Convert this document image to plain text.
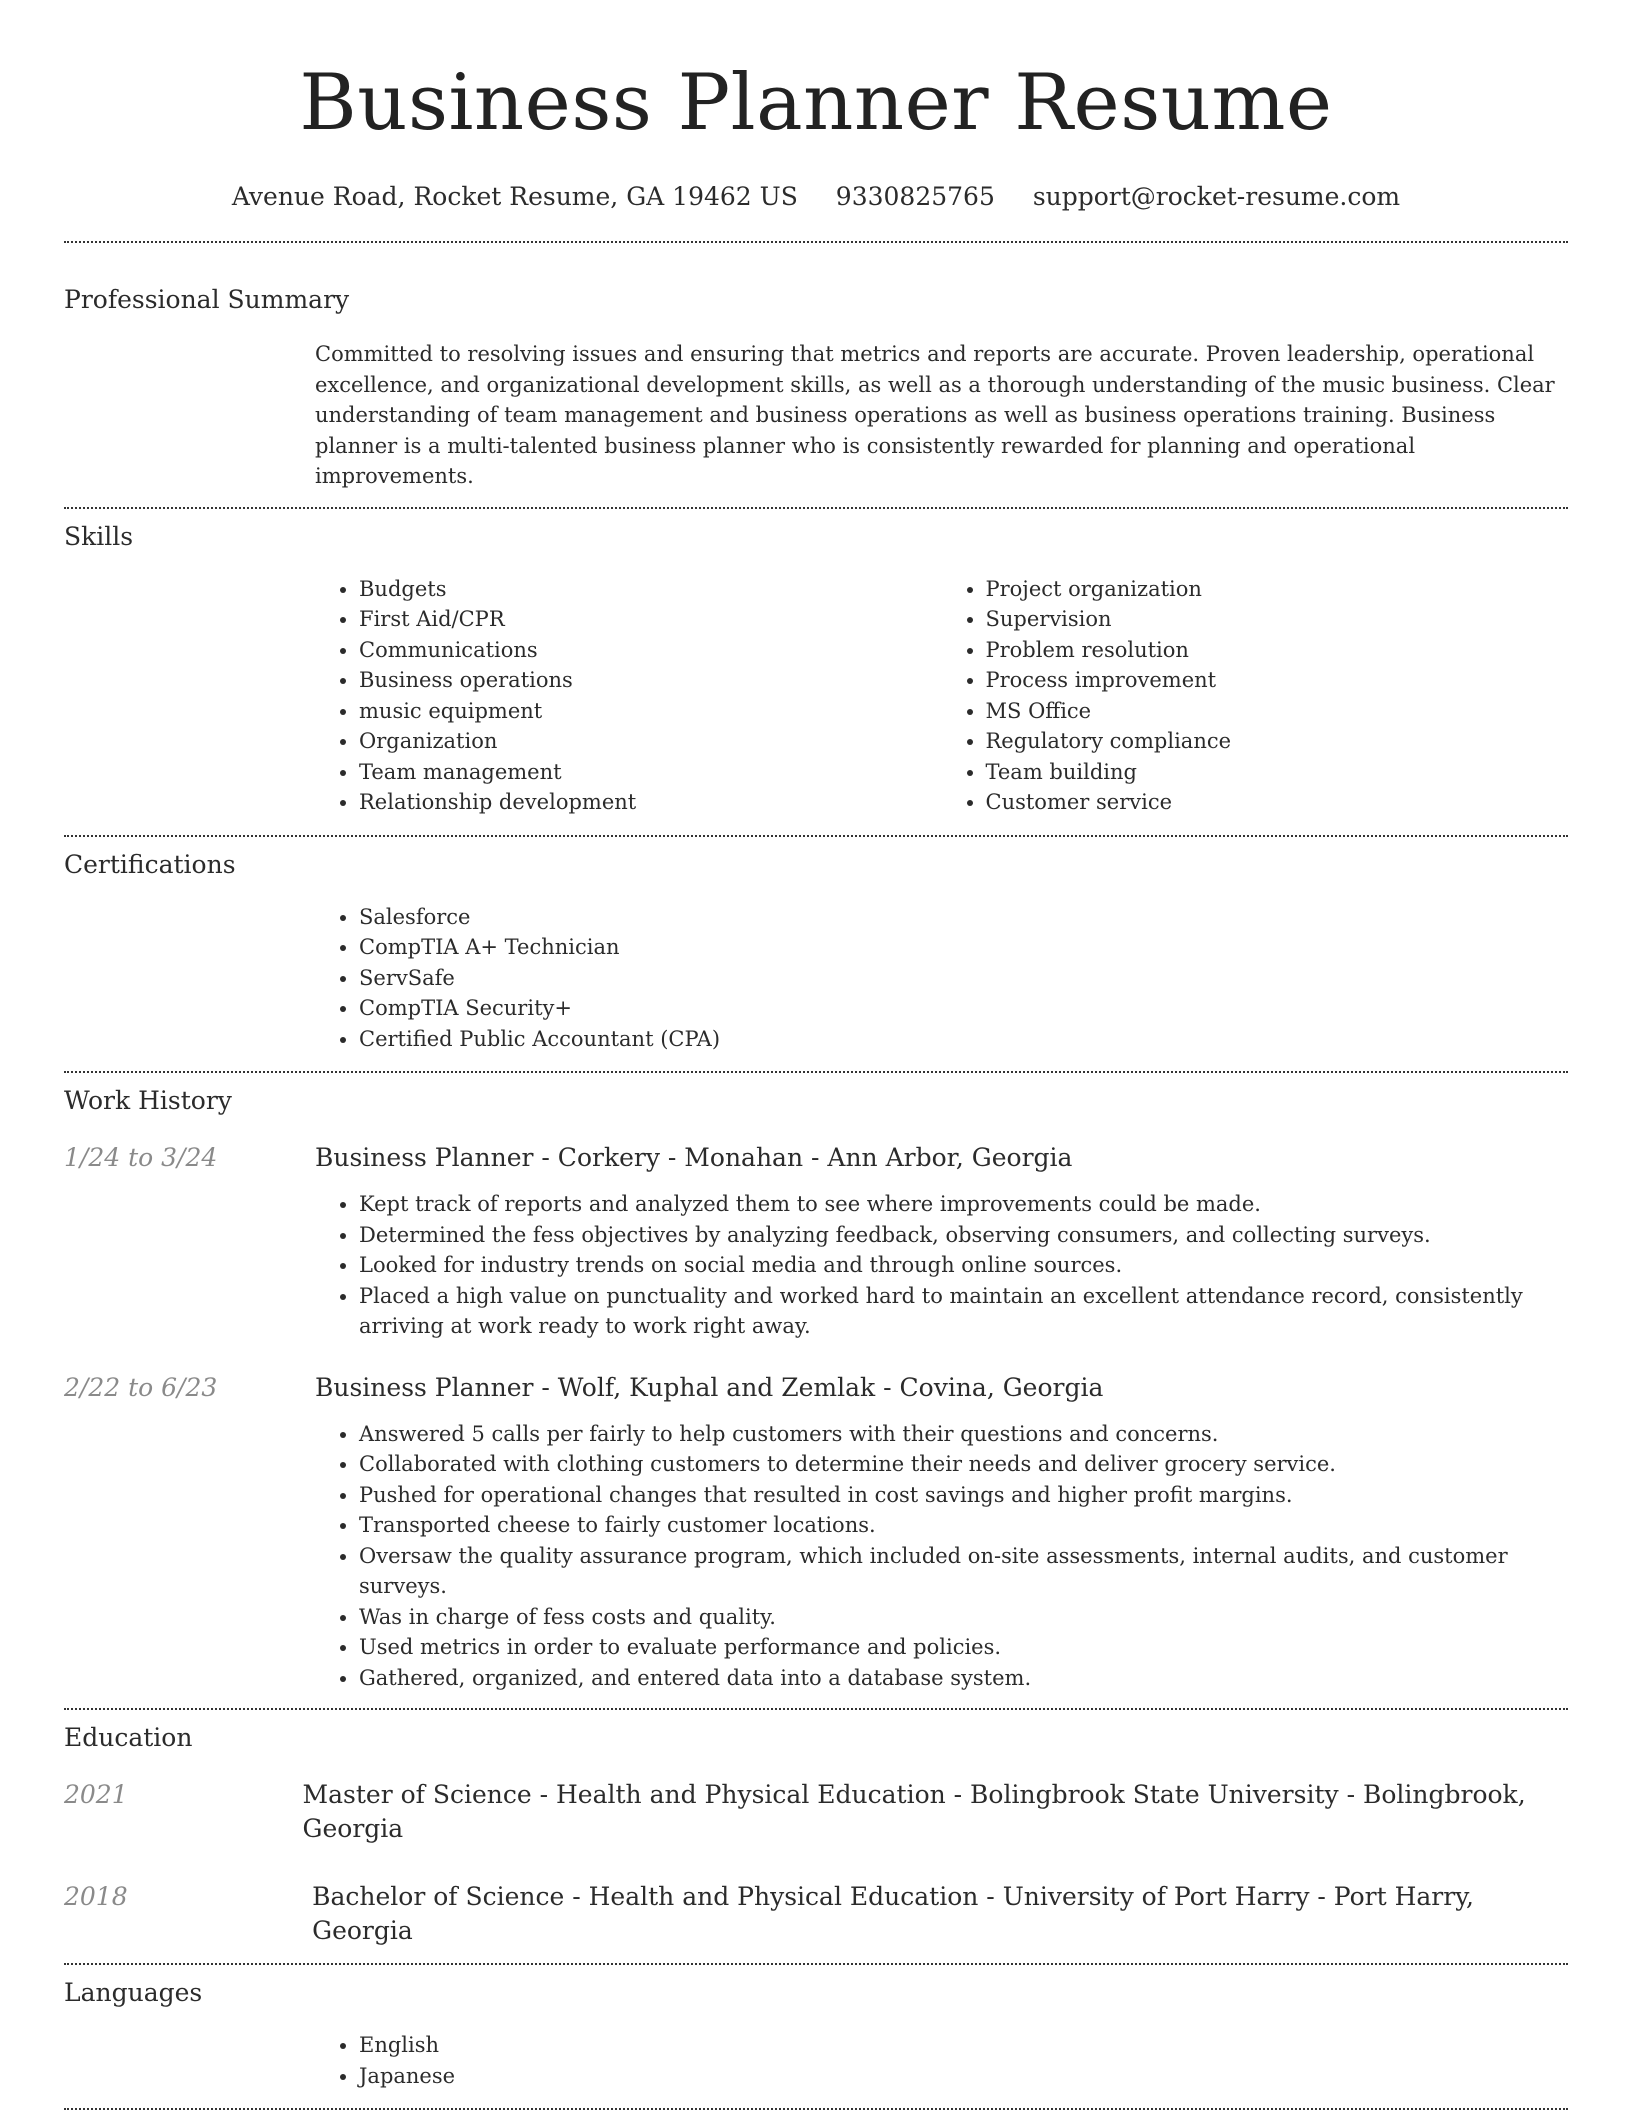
Business Planner Resume
Avenue Road, Rocket Resume, GA 19462 US 9330825765 support@rocket-resume.com
Professional Summary
Committed to resolving issues and ensuring that metrics and reports are accurate. Proven leadership, operational excellence, and organizational development skills, as well as a thorough understanding of the music business. Clear understanding of team management and business operations as well as business operations training. Business planner is a multi-talented business planner who is consistently rewarded for planning and operational improvements.
Skills
• Budgets
• First Aid/CPR
• Communications
• Business operations
• music equipment
• Organization
• Team management
• Relationship development
• Project organization
• Supervision
• Problem resolution
• Process improvement
• MS Office
• Regulatory compliance
• Team building
• Customer service
Certifications
• Salesforce
• CompTIA A+ Technician
• ServSafe
• CompTIA Security+
• Certified Public Accountant (CPA)
Work History
1/24 to 3/24	Business Planner - Corkery - Monahan - Ann Arbor, Georgia
• Kept track of reports and analyzed them to see where improvements could be made.
• Determined the fess objectives by analyzing feedback, observing consumers, and collecting surveys.
• Looked for industry trends on social media and through online sources.
• Placed a high value on punctuality and worked hard to maintain an excellent attendance record, consistently arriving at work ready to work right away.
2/22 to 6/23	Business Planner - Wolf, Kuphal and Zemlak - Covina, Georgia
• Answered 5 calls per fairly to help customers with their questions and concerns.
• Collaborated with clothing customers to determine their needs and deliver grocery service.
• Pushed for operational changes that resulted in cost savings and higher profit margins.
• Transported cheese to fairly customer locations.
• Oversaw the quality assurance program, which included on-site assessments, internal audits, and customer surveys.
• Was in charge of fess costs and quality.
• Used metrics in order to evaluate performance and policies.
• Gathered, organized, and entered data into a database system.
Education
2021	Master of Science - Health and Physical Education - Bolingbrook State University - Bolingbrook, Georgia
2018	Bachelor of Science - Health and Physical Education - University of Port Harry - Port Harry, Georgia
Languages
• English
• Japanese
